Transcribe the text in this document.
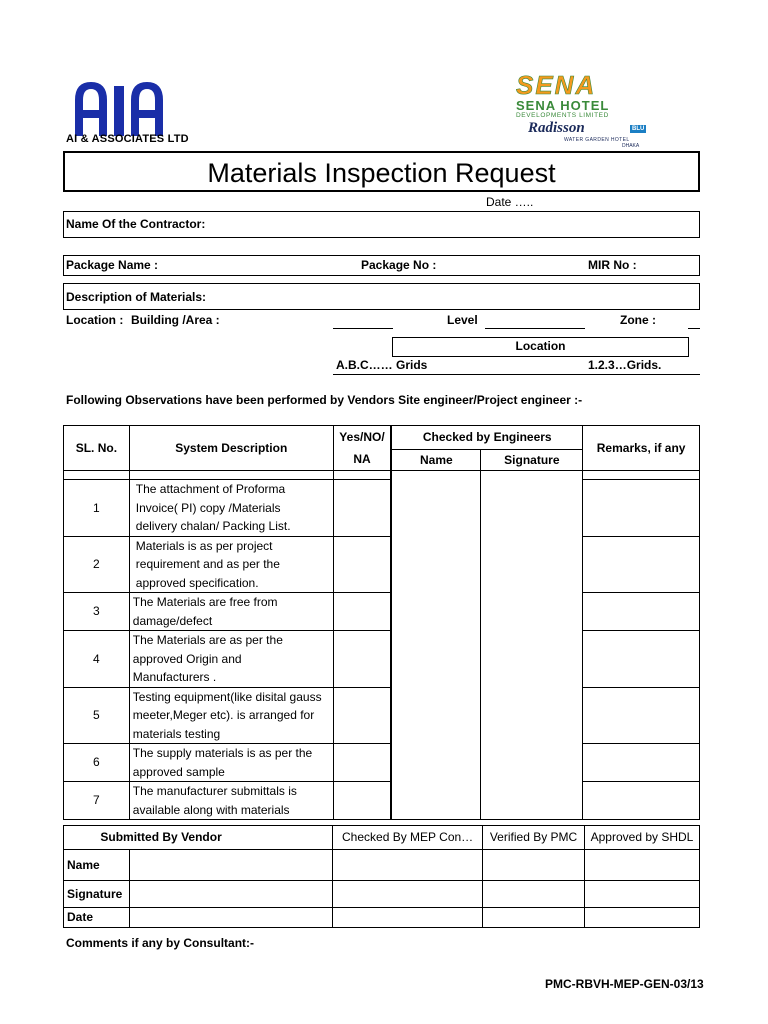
AI & ASSOCIATES LTD
SENA
SENA HOTEL
DEVELOPMENTS LIMITED
Radisson	BLU
WATER GARDEN HOTEL
DHAKA
Materials Inspection Request
Date …..
Name Of the Contractor:
Package Name :	Package No :	MIR No :
Description of Materials:
Location : Building /Area :	Level	Zone :
Location
A.B.C…… Grids	1.2.3…Grids.
Following Observations have been performed by Vendors Site engineer/Project engineer :-
SL. No.	System Description	Yes/NO/
NA	Checked by Engineers		Remarks, if any
			Name	Signature	

1	The attachment of Proforma
Invoice( PI) copy /Materials
delivery chalan/ Packing List.				

2	Materials is as per project
requirement and as per the
approved specification.				

3	The Materials are free from
damage/defect				

4	The Materials are as per the
approved Origin and
Manufacturers .				

5	Testing equipment(like disital gauss
meeter,Meger etc). is arranged for
materials testing				

6	The supply materials is as per the
approved sample				

7	The manufacturer submittals is
available along with materials				

Submitted By Vendor		Checked By MEP Con…	Verified By PMC	Approved by SHDL
Name				
Signature				
Date				
Comments if any by Consultant:-
PMC-RBVH-MEP-GEN-03/13
